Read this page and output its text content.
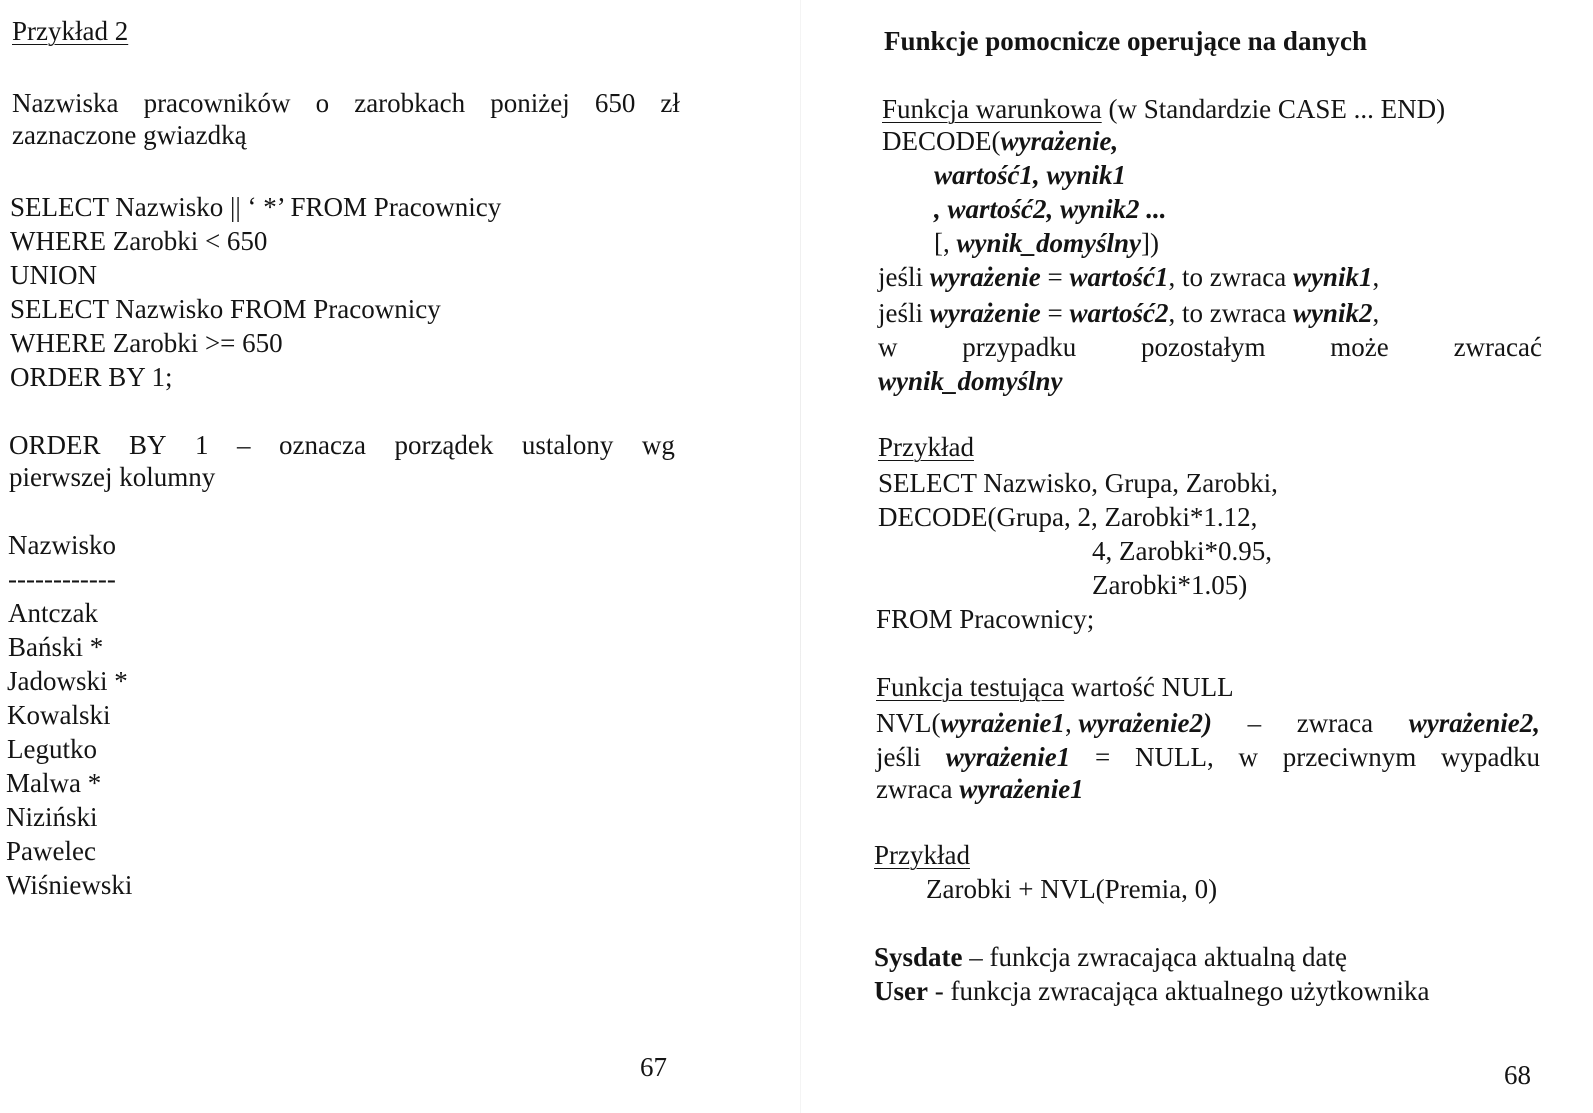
Przykład 2
Nazwiska pracowników o zarobkach poniżej 650 zł
zaznaczone gwiazdką
SELECT Nazwisko || ‘ *’ FROM Pracownicy
WHERE Zarobki < 650
UNION
SELECT Nazwisko FROM Pracownicy
WHERE Zarobki >= 650
ORDER BY 1;
ORDER BY 1 – oznacza porządek ustalony wg
pierwszej kolumny
Nazwisko
------------
Antczak
Bański *
Jadowski *
Kowalski
Legutko
Malwa *
Niziński
Pawelec
Wiśniewski
67
Funkcje pomocnicze operujące na danych
Funkcja warunkowa (w Standardzie CASE ... END)
DECODE(wyrażenie,
wartość1, wynik1
, wartość2, wynik2 ...
[, wynik_domyślny])
jeśli wyrażenie = wartość1, to zwraca wynik1,
jeśli wyrażenie = wartość2, to zwraca wynik2,
w przypadku pozostałym może zwracać
wynik_domyślny
Przykład
SELECT Nazwisko, Grupa, Zarobki,
DECODE(Grupa, 2, Zarobki*1.12,
4, Zarobki*0.95,
Zarobki*1.05)
FROM Pracownicy;
Funkcja testująca wartość NULL
NVL(wyrażenie1, wyrażenie2) – zwraca wyrażenie2,
jeśli wyrażenie1 = NULL, w przeciwnym wypadku
zwraca wyrażenie1
Przykład
Zarobki + NVL(Premia, 0)
Sysdate – funkcja zwracająca aktualną datę
User - funkcja zwracająca aktualnego użytkownika
68
